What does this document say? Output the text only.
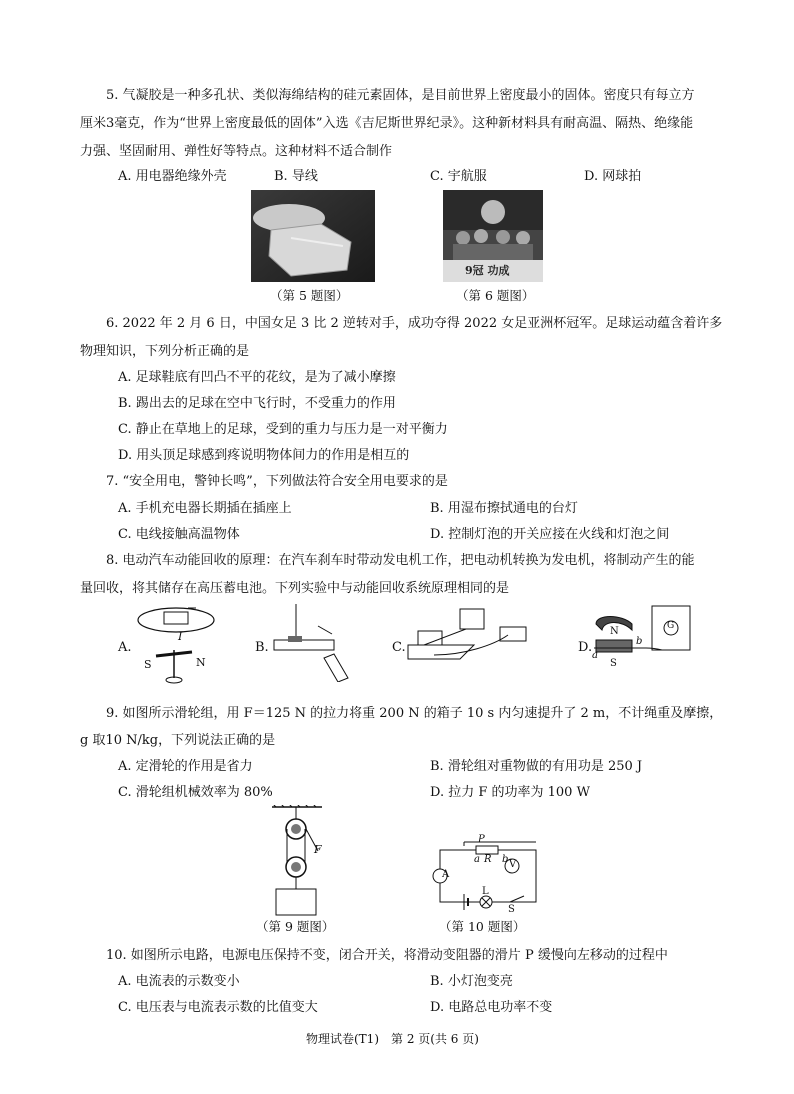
5. 气凝胶是一种多孔状、类似海绵结构的硅元素固体，是目前世界上密度最小的固体。密度只有每立方
厘米3毫克，作为“世界上密度最低的固体”入选《吉尼斯世界纪录》。这种新材料具有耐高温、隔热、绝缘能
力强、坚固耐用、弹性好等特点。这种材料不适合制作
A. 用电器绝缘外壳	B. 导线	C. 宇航服	D. 网球拍
（第 5 题图）
9冠 功成
（第 6 题图）
6. 2022 年 2 月 6 日，中国女足 3 比 2 逆转对手，成功夺得 2022 女足亚洲杯冠军。足球运动蕴含着许多
物理知识，下列分析正确的是
A. 足球鞋底有凹凸不平的花纹，是为了减小摩擦
B. 踢出去的足球在空中飞行时，不受重力的作用
C. 静止在草地上的足球，受到的重力与压力是一对平衡力
D. 用头顶足球感到疼说明物体间力的作用是相互的
7. “安全用电，警钟长鸣”，下列做法符合安全用电要求的是
A. 手机充电器长期插在插座上	B. 用湿布擦拭通电的台灯
C. 电线接触高温物体	D. 控制灯泡的开关应接在火线和灯泡之间
8. 电动汽车动能回收的原理：在汽车刹车时带动发电机工作，把电动机转换为发电机，将制动产生的能
量回收，将其储存在高压蓄电池。下列实验中与动能回收系统原理相同的是
A.
S	N
I
B.	C.	D.
N
S
a
b
G
9. 如图所示滑轮组，用 F＝125 N 的拉力将重 200 N 的箱子 10 s 内匀速提升了 2 m，不计绳重及摩擦，
g 取10 N/kg，下列说法正确的是
A. 定滑轮的作用是省力	B. 滑轮组对重物做的有用功是 250 J
C. 滑轮组机械效率为 80%	D. 拉力 F 的功率为 100 W
F
（第 9 题图）
A
V
P
a R b
L
S
（第 10 题图）
10. 如图所示电路，电源电压保持不变，闭合开关，将滑动变阻器的滑片 P 缓慢向左移动的过程中
A. 电流表的示数变小	B. 小灯泡变亮
C. 电压表与电流表示数的比值变大	D. 电路总电功率不变
物理试卷(T1)　第 2 页(共 6 页)
